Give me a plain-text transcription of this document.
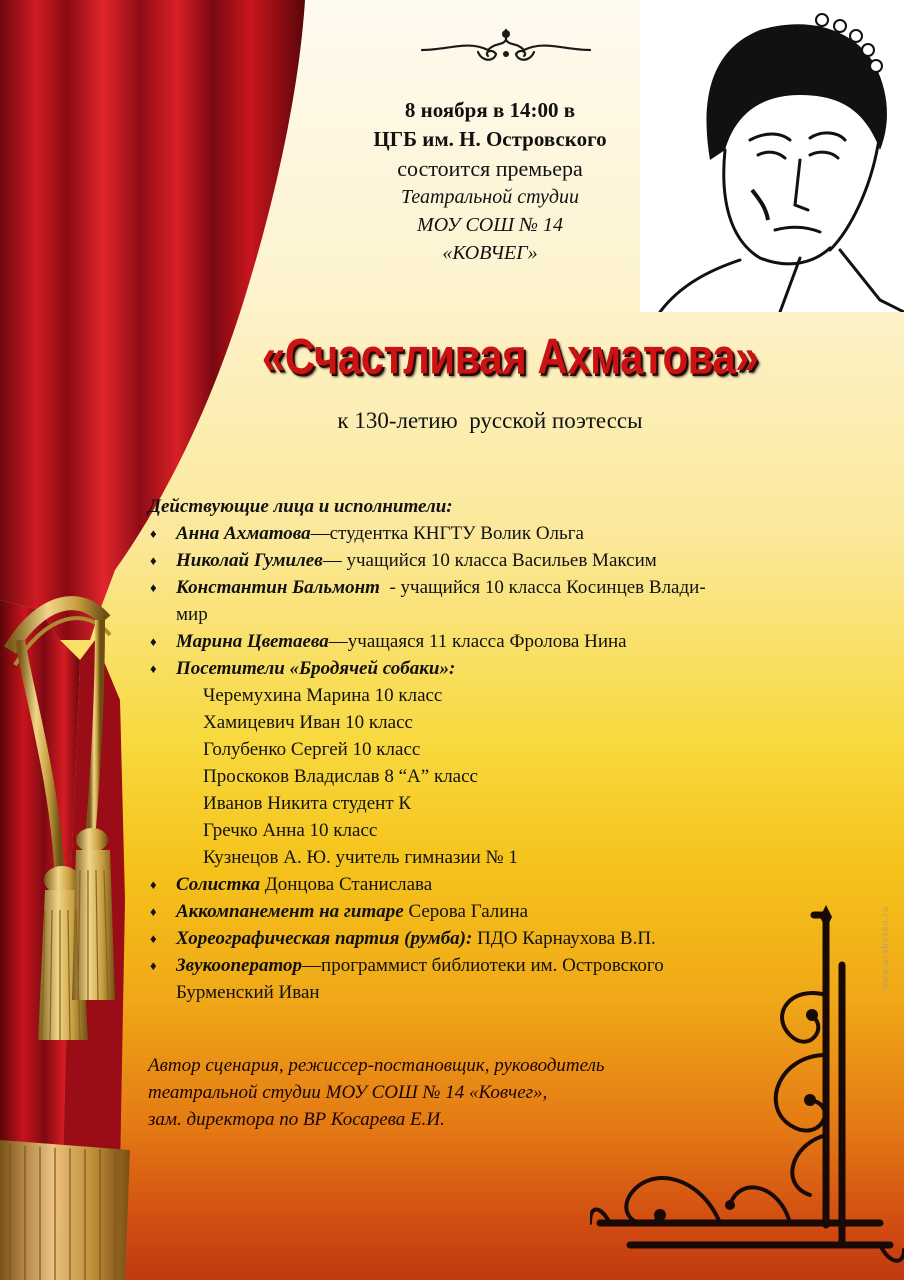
8 ноября в 14:00 в
ЦГБ им. Н. Островского
состоится премьера
Театральной студии
МОУ СОШ № 14
«КОВЧЕГ»
«Счастливая Ахматова»
к 130-летию  русской поэтессы
Действующие лица и исполнители:
♦ Анна Ахматова—студентка КНГТУ Волик Ольга
♦ Николай Гумилев— учащийся 10 класса Васильев Максим
♦ Константин Бальмонт  - учащийся 10 класса Косинцев Влади-
мир
♦ Марина Цветаева—учащаяся 11 класса Фролова Нина
♦ Посетители «Бродячей собаки»:
Черемухина Марина 10 класс
Хамицевич Иван 10 класс
Голубенко Сергей 10 класс
Проскоков Владислав 8 “А” класс
Иванов Никита студент К
Гречко Анна 10 класс
Кузнецов А. Ю. учитель гимназии № 1
♦ Солистка Донцова Станислава
♦ Аккомпанемент на гитаре Серова Галина
♦ Хореографическая партия (румба): ПДО Карнаухова В.П.
♦ Звукооператор—программист библиотеки им. Островского
Бурменский Иван
Автор сценария, режиссер-постановщик, руководитель
театральной студии МОУ СОШ № 14 «Ковчег»,
зам. директора по ВР Косарева Е.И.
www.arabesko.ru
